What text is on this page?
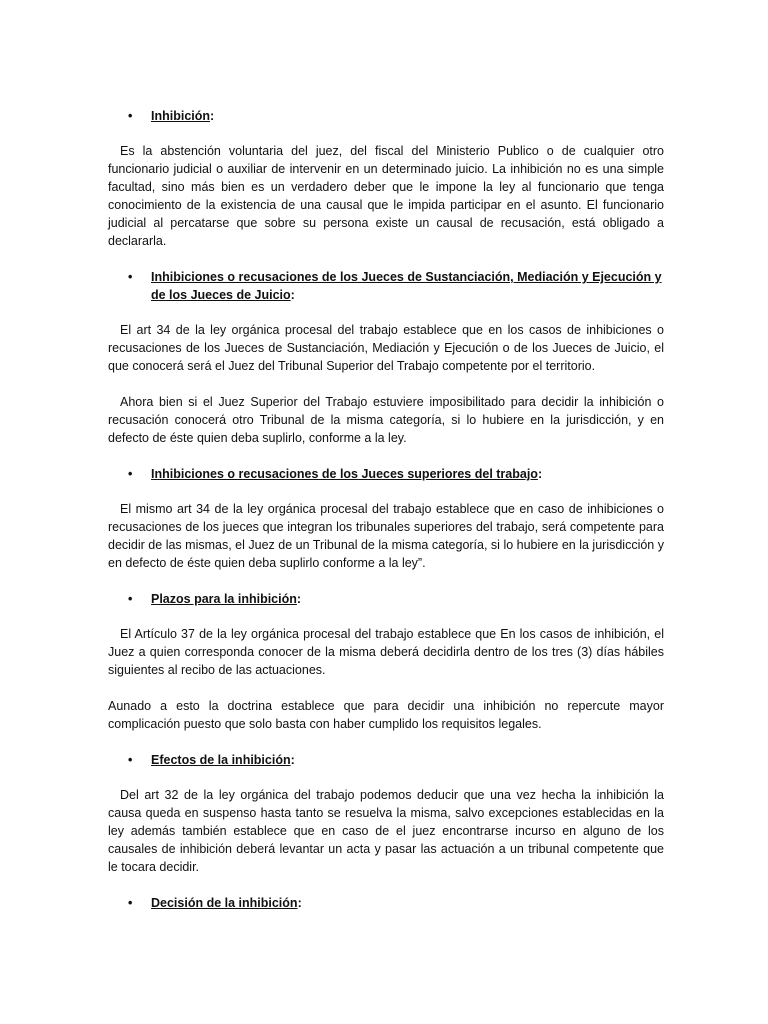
• Inhibición:

Es la abstención voluntaria del juez, del fiscal del Ministerio Publico o de cualquier otro funcionario judicial o auxiliar de intervenir en un determinado juicio. La inhibición no es una simple facultad, sino más bien es un verdadero deber que le impone la ley al funcionario que tenga conocimiento de la existencia de una causal que le impida participar en el asunto. El funcionario judicial al percatarse que sobre su persona existe un causal de recusación, está obligado a declararla.

• Inhibiciones o recusaciones de los Jueces de Sustanciación, Mediación y Ejecución y de los Jueces de Juicio:

El art 34 de la ley orgánica procesal del trabajo establece que en los casos de inhibiciones o recusaciones de los Jueces de Sustanciación, Mediación y Ejecución o de los Jueces de Juicio, el que conocerá será el Juez del Tribunal Superior del Trabajo competente por el territorio.

Ahora bien si el Juez Superior del Trabajo estuviere imposibilitado para decidir la inhibición o recusación conocerá otro Tribunal de la misma categoría, si lo hubiere en la jurisdicción, y en defecto de éste quien deba suplirlo, conforme a la ley.

• Inhibiciones o recusaciones de los Jueces superiores del trabajo:

El mismo art 34 de la ley orgánica procesal del trabajo establece que en caso de inhibiciones o recusaciones de los jueces que integran los tribunales superiores del trabajo, será competente para decidir de las mismas, el Juez de un Tribunal de la misma categoría, si lo hubiere en la jurisdicción y en defecto de éste quien deba suplirlo conforme a la ley”.

• Plazos para la inhibición:

El Artículo 37 de la ley orgánica procesal del trabajo establece que En los casos de inhibición, el Juez a quien corresponda conocer de la misma deberá decidirla dentro de los tres (3) días hábiles siguientes al recibo de las actuaciones.

Aunado a esto la doctrina establece que para decidir una inhibición no repercute mayor complicación puesto que solo basta con haber cumplido los requisitos legales.

• Efectos de la inhibición:

Del art 32 de la ley orgánica del trabajo podemos deducir que una vez hecha la inhibición la causa queda en suspenso hasta tanto se resuelva la misma, salvo excepciones establecidas en la ley además también establece que en caso de el juez encontrarse incurso en alguno de los causales de inhibición deberá levantar un acta y pasar las actuación a un tribunal competente que le tocara decidir.

• Decisión de la inhibición:
